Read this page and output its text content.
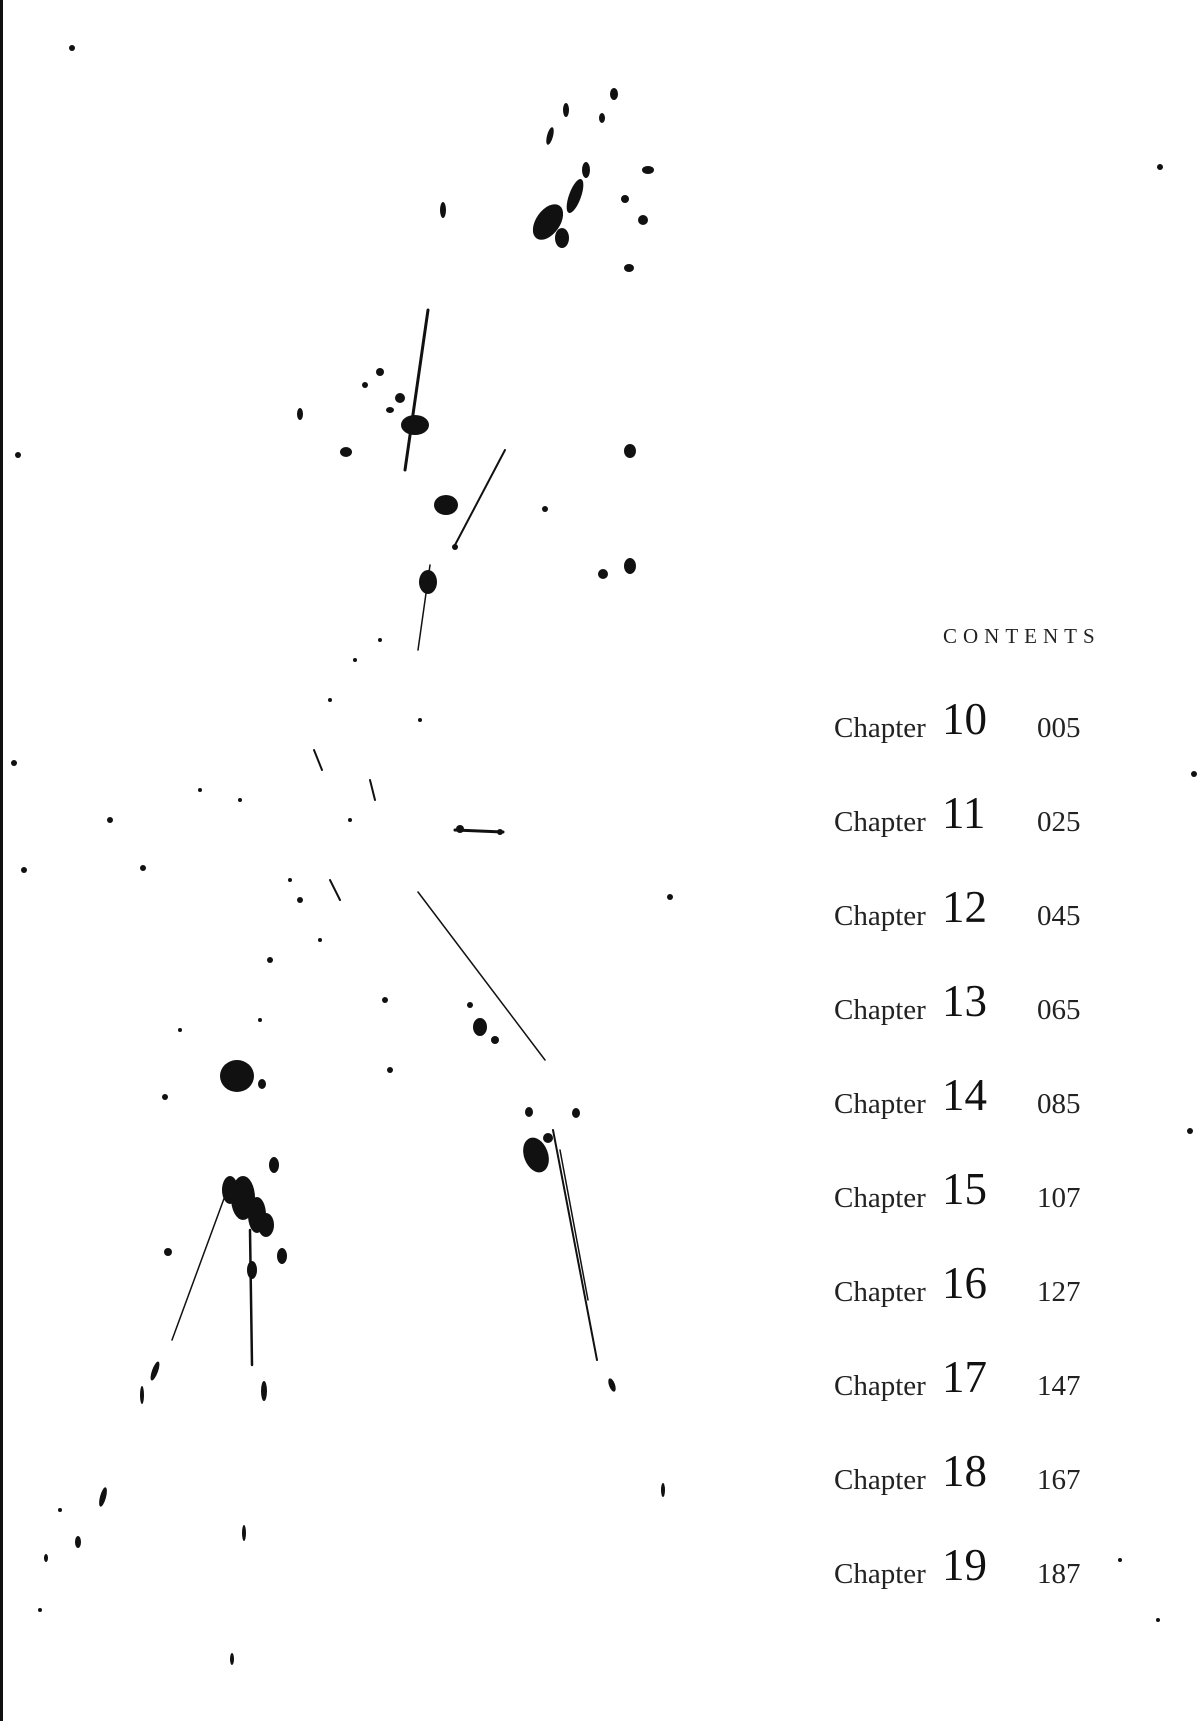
CONTENTS
Chapter 10 005
Chapter 11 025
Chapter 12 045
Chapter 13 065
Chapter 14 085
Chapter 15 107
Chapter 16 127
Chapter 17 147
Chapter 18 167
Chapter 19 187
